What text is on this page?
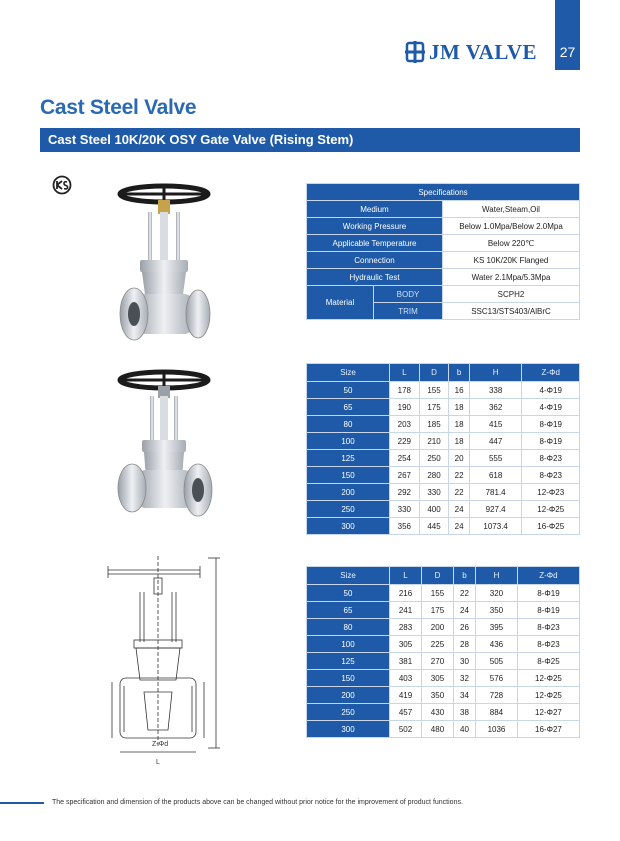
27
JM VALVE
Cast Steel Valve
Cast Steel 10K/20K OSY Gate Valve (Rising Stem)
Z-Φd
L
Specifications		
Medium		Water,Steam,Oil
Working Pressure		Below 1.0Mpa/Below 2.0Mpa
Applicable Temperature		Below 220℃
Connection		KS 10K/20K Flanged
Hydraulic Test		Water 2.1Mpa/5.3Mpa
Material	BODY	SCPH2
	TRIM	SSC13/STS403/AlBrC
Size	L	D	b	H	Z-Φd
50	178	155	16	338	4-Φ19
65	190	175	18	362	4-Φ19
80	203	185	18	415	8-Φ19
100	229	210	18	447	8-Φ19
125	254	250	20	555	8-Φ23
150	267	280	22	618	8-Φ23
200	292	330	22	781.4	12-Φ23
250	330	400	24	927.4	12-Φ25
300	356	445	24	1073.4	16-Φ25
Size	L	D	b	H	Z-Φd
50	216	155	22	320	8-Φ19
65	241	175	24	350	8-Φ19
80	283	200	26	395	8-Φ23
100	305	225	28	436	8-Φ23
125	381	270	30	505	8-Φ25
150	403	305	32	576	12-Φ25
200	419	350	34	728	12-Φ25
250	457	430	38	884	12-Φ27
300	502	480	40	1036	16-Φ27
The specification and dimension of the products above can be changed without prior notice for the improvement of product functions.
